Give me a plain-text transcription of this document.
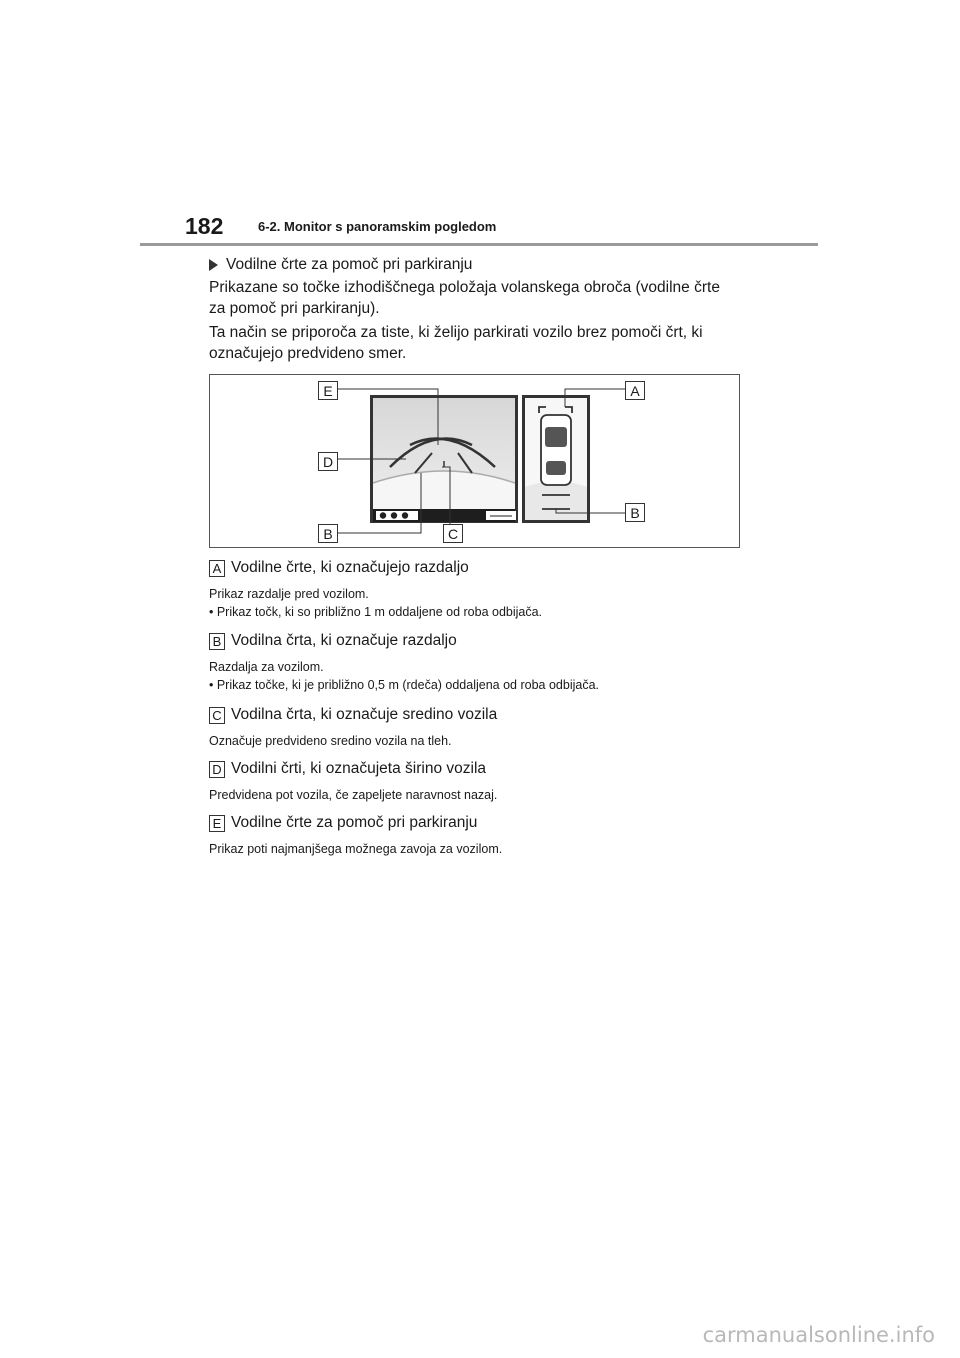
182	6-2. Monitor s panoramskim pogledom
Vodilne črte za pomoč pri parkiranju
Prikazane so točke izhodiščnega položaja volanskega obroča (vodilne črte
za pomoč pri parkiranju).
Ta način se priporoča za tiste, ki želijo parkirati vozilo brez pomoči črt, ki
označujejo predvideno smer.
E	A
D
B	C
B
A Vodilne črte, ki označujejo razdaljo
Prikaz razdalje pred vozilom.
• Prikaz točk, ki so približno 1 m oddaljene od roba odbijača.
B Vodilna črta, ki označuje razdaljo
Razdalja za vozilom.
• Prikaz točke, ki je približno 0,5 m (rdeča) oddaljena od roba odbijača.
C Vodilna črta, ki označuje sredino vozila
Označuje predvideno sredino vozila na tleh.
D Vodilni črti, ki označujeta širino vozila
Predvidena pot vozila, če zapeljete naravnost nazaj.
E Vodilne črte za pomoč pri parkiranju
Prikaz poti najmanjšega možnega zavoja za vozilom.
carmanualsonline.info
